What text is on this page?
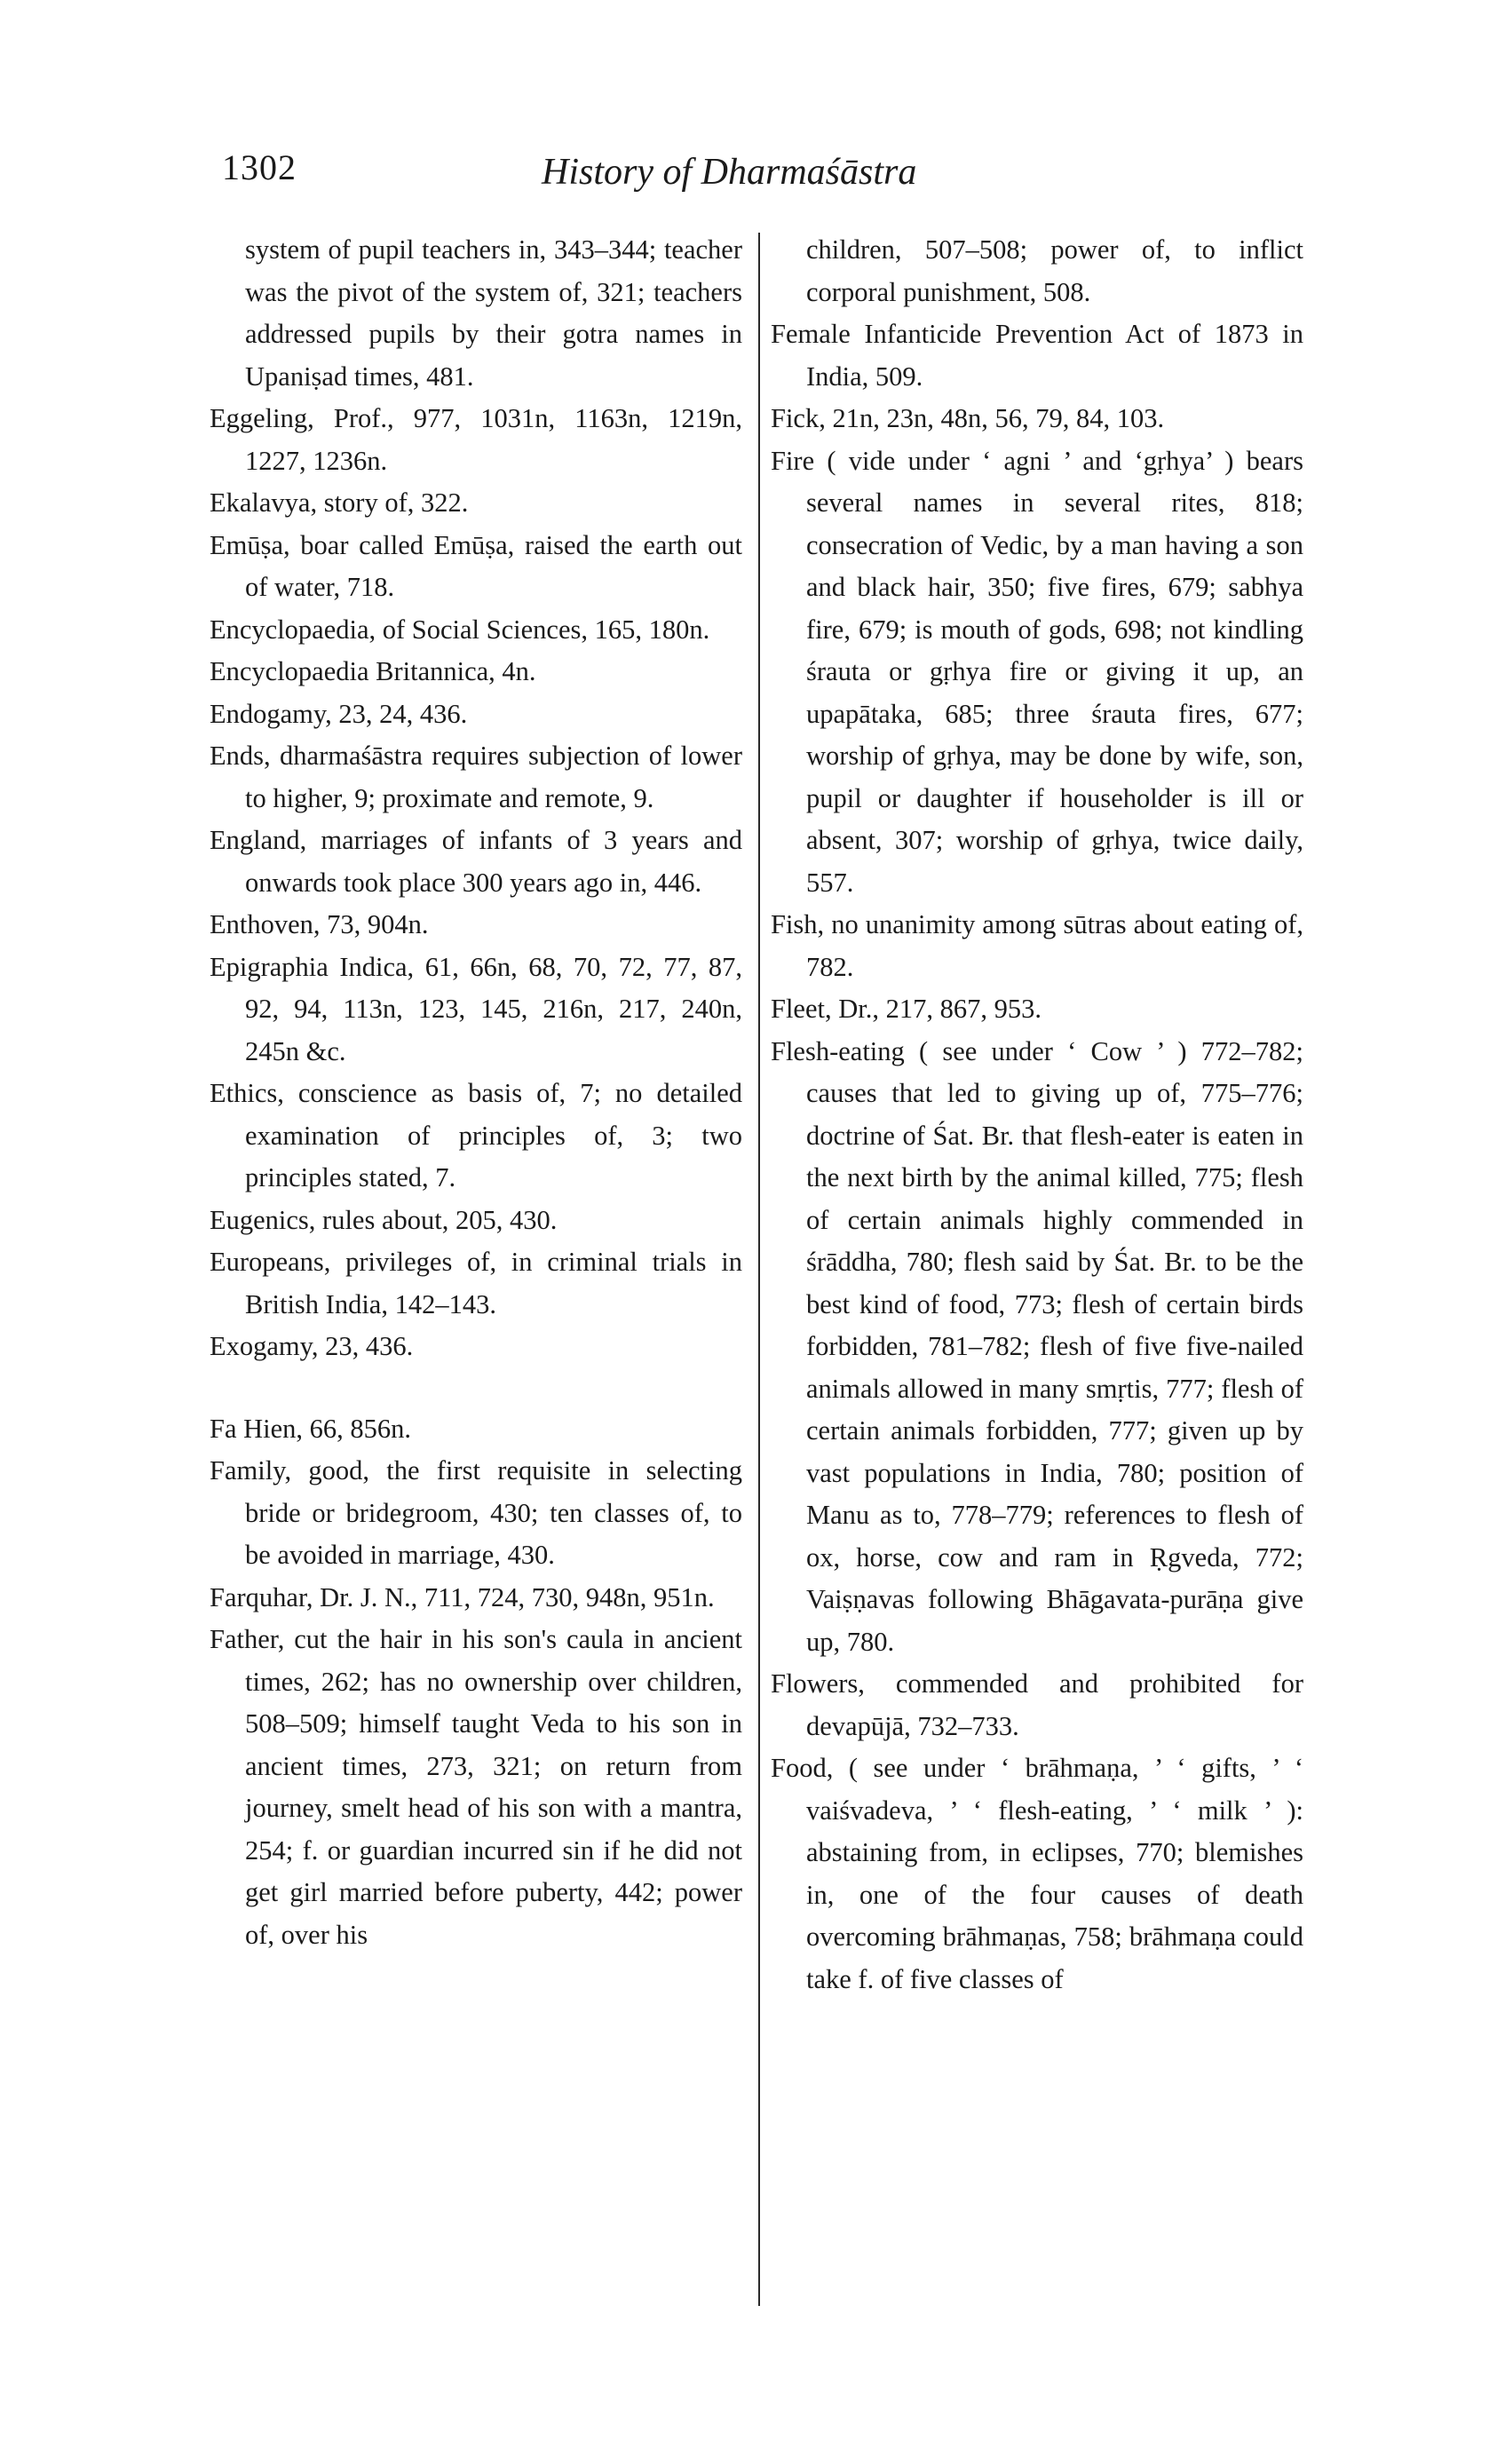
1302	History of Dharmaśāstra

system of pupil teachers in, 343–344; teacher was the pivot of the system of, 321; teachers addressed pupils by their gotra names in Upaniṣad times, 481.

Eggeling, Prof., 977, 1031n, 1163n, 1219n, 1227, 1236n.

Ekalavya, story of, 322.

Emūṣa, boar called Emūṣa, raised the earth out of water, 718.

Encyclopaedia, of Social Sciences, 165, 180n.

Encyclopaedia Britannica, 4n.

Endogamy, 23, 24, 436.

Ends, dharmaśāstra requires subjection of lower to higher, 9; proximate and remote, 9.

England, marriages of infants of 3 years and onwards took place 300 years ago in, 446.

Enthoven, 73, 904n.

Epigraphia Indica, 61, 66n, 68, 70, 72, 77, 87, 92, 94, 113n, 123, 145, 216n, 217, 240n, 245n &c.

Ethics, conscience as basis of, 7; no detailed examination of principles of, 3; two principles stated, 7.

Eugenics, rules about, 205, 430.

Europeans, privileges of, in criminal trials in British India, 142–143.

Exogamy, 23, 436.

Fa Hien, 66, 856n.

Family, good, the first requisite in selecting bride or bridegroom, 430; ten classes of, to be avoided in marriage, 430.

Farquhar, Dr. J. N., 711, 724, 730, 948n, 951n.

Father, cut the hair in his son's caula in ancient times, 262; has no ownership over children, 508–509; himself taught Veda to his son in ancient times, 273, 321; on return from journey, smelt head of his son with a mantra, 254; f. or guardian incurred sin if he did not get girl married before puberty, 442; power of, over his

children, 507–508; power of, to inflict corporal punishment, 508.

Female Infanticide Prevention Act of 1873 in India, 509.

Fick, 21n, 23n, 48n, 56, 79, 84, 103.

Fire ( vide under ‘ agni ’ and ‘gṛhya’ ) bears several names in several rites, 818; consecration of Vedic, by a man having a son and black hair, 350; five fires, 679; sabhya fire, 679; is mouth of gods, 698; not kindling śrauta or gṛhya fire or giving it up, an upapātaka, 685; three śrauta fires, 677; worship of gṛhya, may be done by wife, son, pupil or daughter if householder is ill or absent, 307; worship of gṛhya, twice daily, 557.

Fish, no unanimity among sūtras about eating of, 782.

Fleet, Dr., 217, 867, 953.

Flesh-eating ( see under ‘ Cow ’ ) 772–782; causes that led to giving up of, 775–776; doctrine of Śat. Br. that flesh-eater is eaten in the next birth by the animal killed, 775; flesh of certain animals highly commended in śrāddha, 780; flesh said by Śat. Br. to be the best kind of food, 773; flesh of certain birds forbidden, 781–782; flesh of five five-nailed animals allowed in many smṛtis, 777; flesh of certain animals forbidden, 777; given up by vast populations in India, 780; position of Manu as to, 778–779; references to flesh of ox, horse, cow and ram in Ṛgveda, 772; Vaiṣṇavas following Bhāgavata-purāṇa give up, 780.

Flowers, commended and prohibited for devapūjā, 732–733.

Food, ( see under ‘ brāhmaṇa, ’ ‘ gifts, ’ ‘ vaiśvadeva, ’ ‘ flesh-eating, ’ ‘ milk ’ ): abstaining from, in eclipses, 770; blemishes in, one of the four causes of death overcoming brāhmaṇas, 758; brāhmaṇa could take f. of five classes of
